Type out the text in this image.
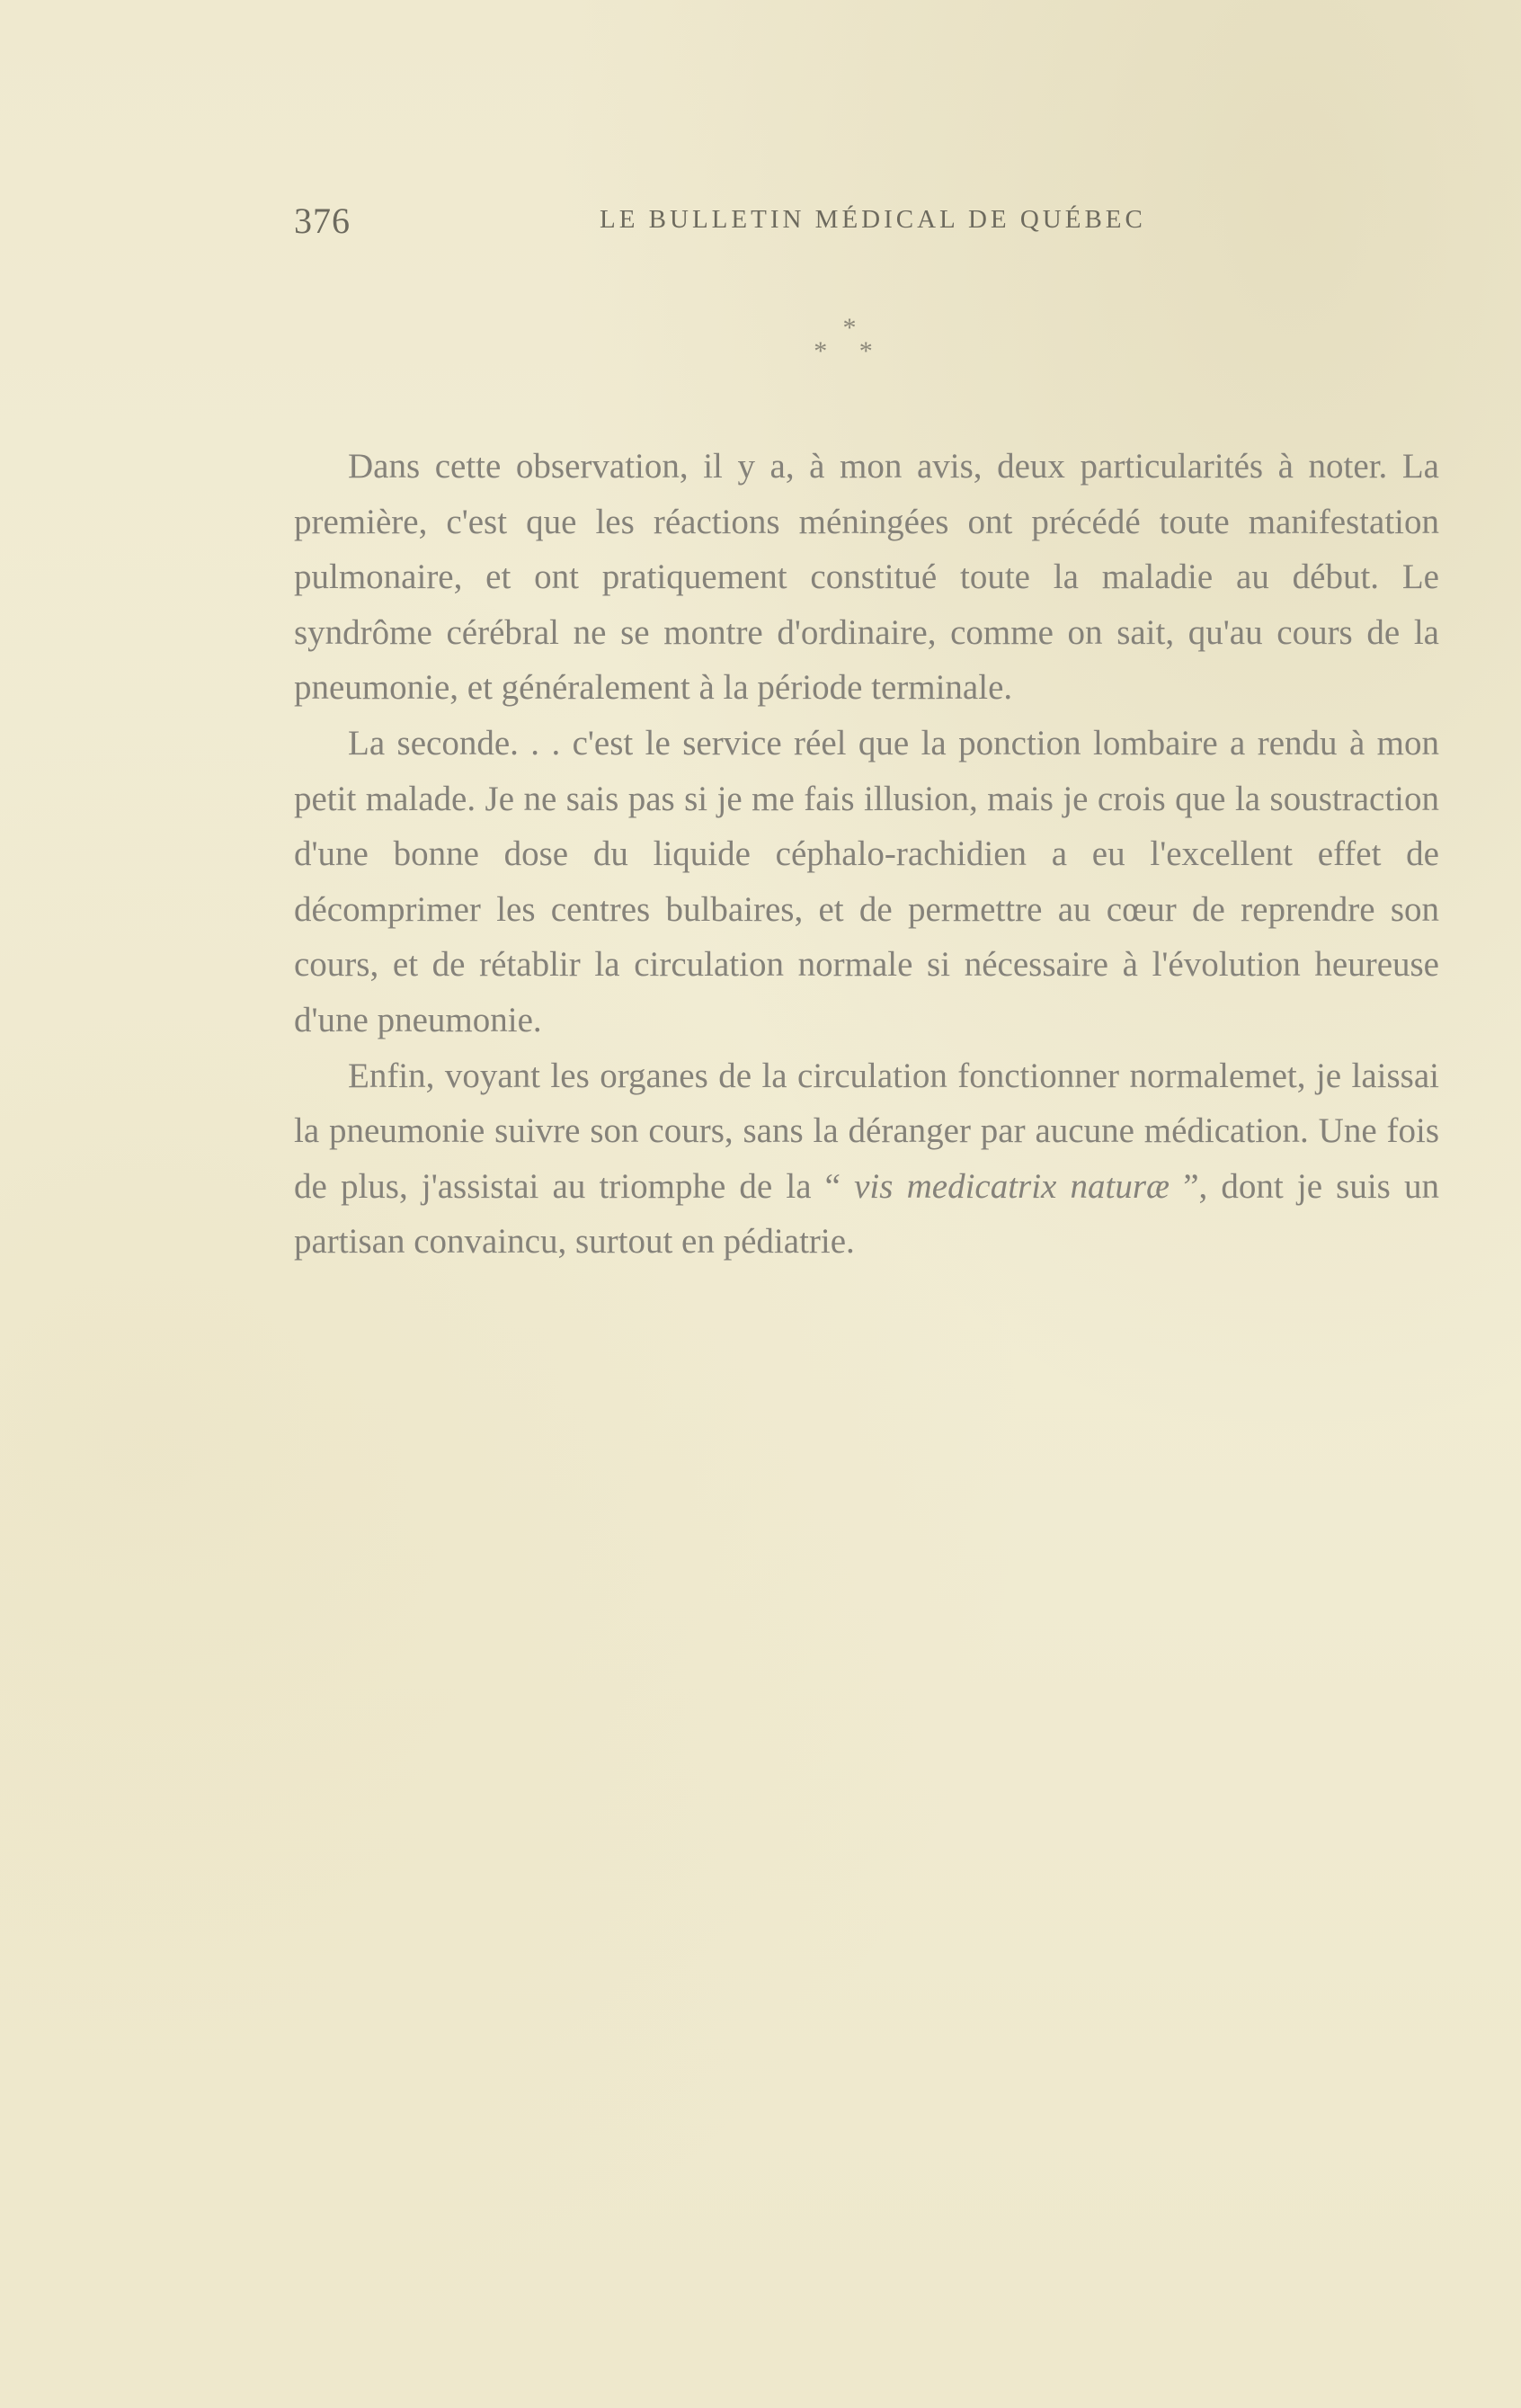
376	LE BULLETIN MÉDICAL DE QUÉBEC
*
* *

Dans cette observation, il y a, à mon avis, deux particularités à noter. La première, c'est que les réactions méningées ont précédé toute manifestation pulmonaire, et ont pratiquement constitué toute la maladie au début. Le syndrôme cérébral ne se montre d'ordinaire, comme on sait, qu'au cours de la pneumonie, et généralement à la période terminale.

La seconde. . . c'est le service réel que la ponction lombaire a rendu à mon petit malade. Je ne sais pas si je me fais illusion, mais je crois que la soustraction d'une bonne dose du liquide céphalo-rachidien a eu l'excellent effet de décomprimer les centres bulbaires, et de permettre au cœur de reprendre son cours, et de rétablir la circulation normale si nécessaire à l'évolution heureuse d'une pneumonie.

Enfin, voyant les organes de la circulation fonctionner normalemet, je laissai la pneumonie suivre son cours, sans la déranger par aucune médication. Une fois de plus, j'assistai au triomphe de la “ vis medicatrix naturæ ”, dont je suis un partisan convaincu, surtout en pédiatrie.
